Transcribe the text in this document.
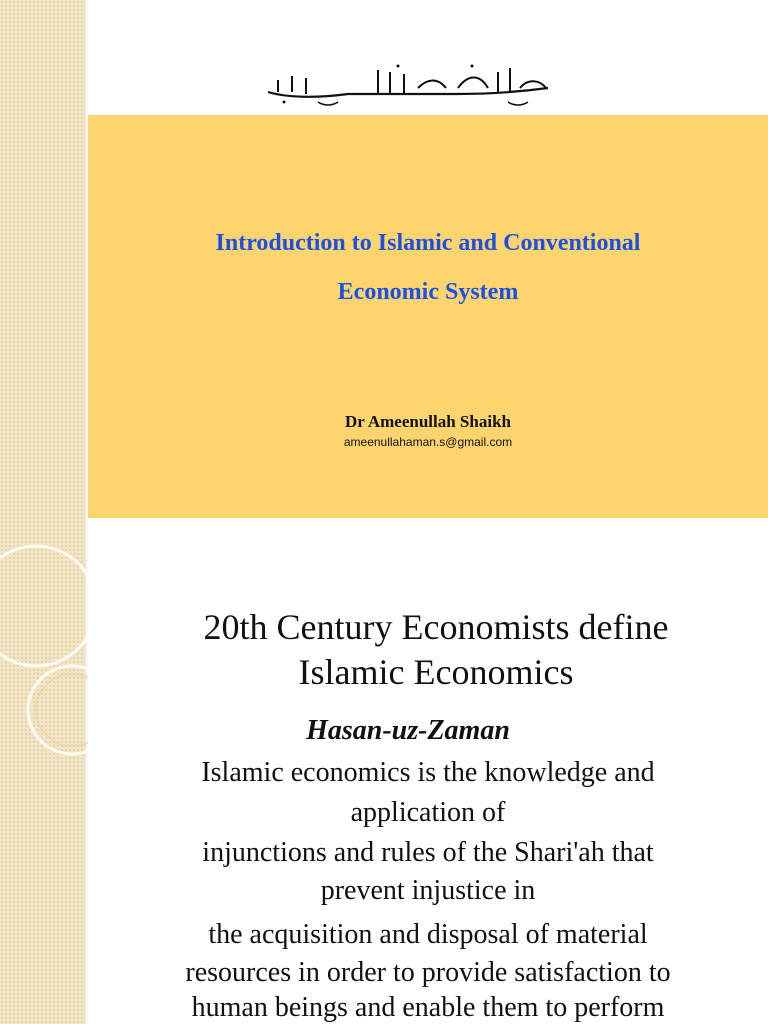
Introduction to Islamic and Conventional
Economic System
Dr Ameenullah Shaikh
ameenullahaman.s@gmail.com
20th Century Economists define
Islamic Economics
Hasan-uz-Zaman
Islamic economics is the knowledge and
application of
injunctions and rules of the Shari'ah that
prevent injustice in
the acquisition and disposal of material
resources in order to provide satisfaction to
human beings and enable them to perform
